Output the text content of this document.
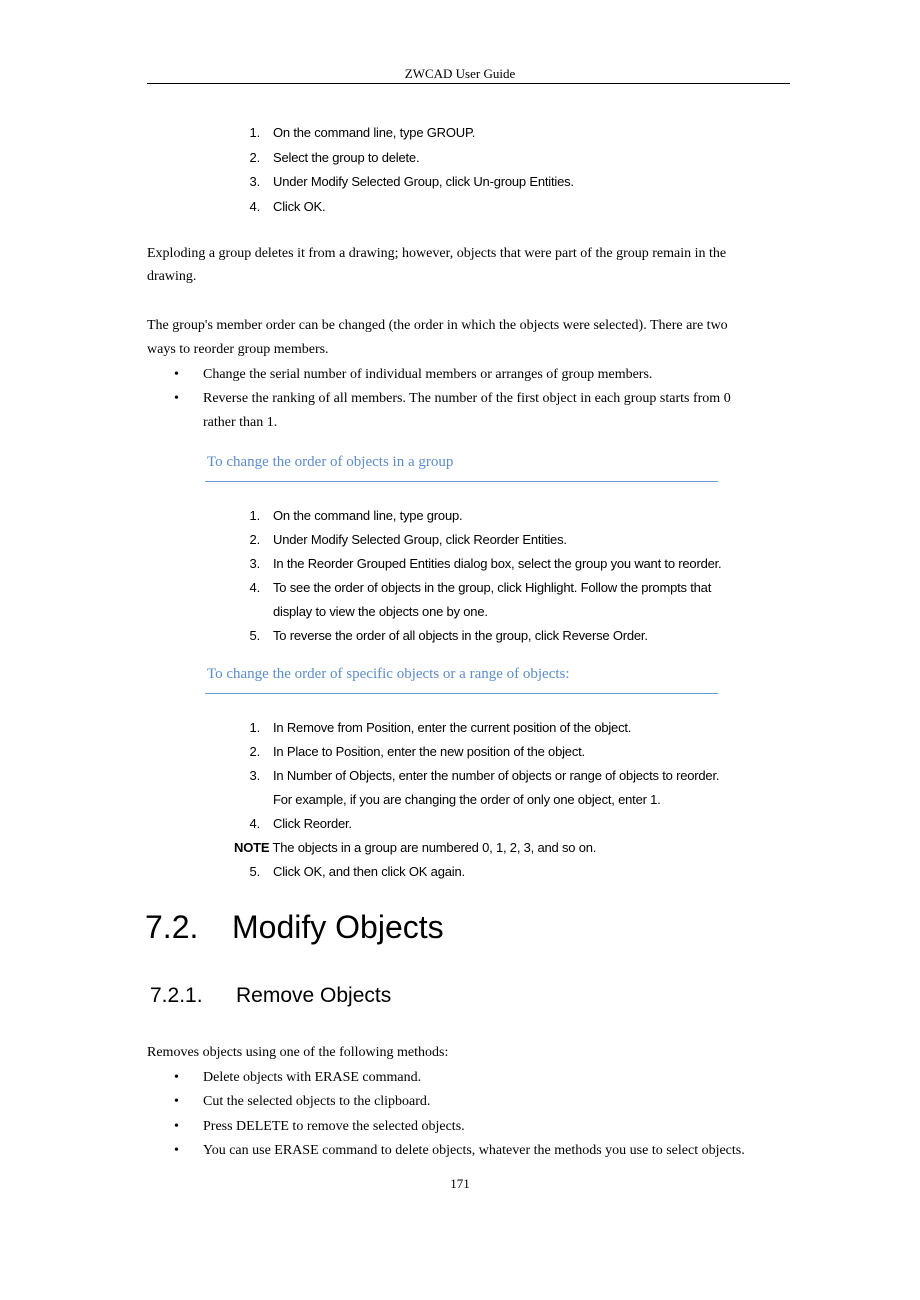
ZWCAD User Guide
1. On the command line, type GROUP.
2. Select the group to delete.
3. Under Modify Selected Group, click Un-group Entities.
4. Click OK.
Exploding a group deletes it from a drawing; however, objects that were part of the group remain in the
drawing.
The group's member order can be changed (the order in which the objects were selected). There are two
ways to reorder group members.
• Change the serial number of individual members or arranges of group members.
• Reverse the ranking of all members. The number of the first object in each group starts from 0
rather than 1.
To change the order of objects in a group
1. On the command line, type group.
2. Under Modify Selected Group, click Reorder Entities.
3. In the Reorder Grouped Entities dialog box, select the group you want to reorder.
4. To see the order of objects in the group, click Highlight. Follow the prompts that
display to view the objects one by one.
5. To reverse the order of all objects in the group, click Reverse Order.
To change the order of specific objects or a range of objects:
1. In Remove from Position, enter the current position of the object.
2. In Place to Position, enter the new position of the object.
3. In Number of Objects, enter the number of objects or range of objects to reorder.
For example, if you are changing the order of only one object, enter 1.
4. Click Reorder.
NOTE The objects in a group are numbered 0, 1, 2, 3, and so on.
5. Click OK, and then click OK again.
7.2. Modify Objects
7.2.1. Remove Objects
Removes objects using one of the following methods:
• Delete objects with ERASE command.
• Cut the selected objects to the clipboard.
• Press DELETE to remove the selected objects.
• You can use ERASE command to delete objects, whatever the methods you use to select objects.
171
